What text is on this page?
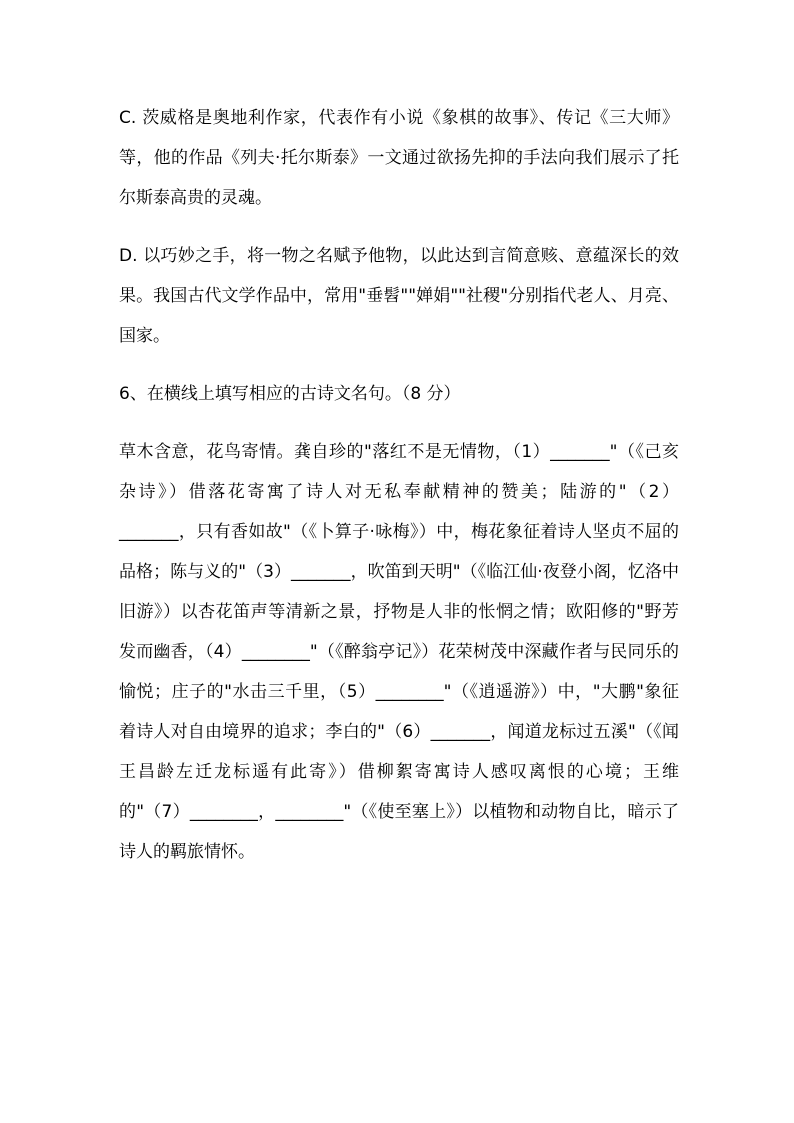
C. 茨威格是奥地利作家，代表作有小说《象棋的故事》、传记《三大师》等，他的作品《列夫·托尔斯泰》一文通过欲扬先抑的手法向我们展示了托尔斯泰高贵的灵魂。

D. 以巧妙之手，将一物之名赋予他物，以此达到言简意赅、意蕴深长的效果。我国古代文学作品中，常用"垂髫""婵娟""社稷"分别指代老人、月亮、国家。

6、在横线上填写相应的古诗文名句。（8 分）

草木含意，花鸟寄情。龚自珍的"落红不是无情物，（1）_______"（《己亥杂诗》）借落花寄寓了诗人对无私奉献精神的赞美；陆游的"（2）_______，只有香如故"（《卜算子·咏梅》）中，梅花象征着诗人坚贞不屈的品格；陈与义的"（3）_______，吹笛到天明"（《临江仙·夜登小阁，忆洛中旧游》）以杏花笛声等清新之景，抒物是人非的怅惘之情；欧阳修的"野芳发而幽香，（4）________"（《醉翁亭记》）花荣树茂中深藏作者与民同乐的愉悦；庄子的"水击三千里，（5）________"（《逍遥游》）中，"大鹏"象征着诗人对自由境界的追求；李白的"（6）_______，闻道龙标过五溪"（《闻王昌龄左迁龙标遥有此寄》）借柳絮寄寓诗人感叹离恨的心境；王维的"（7）________，________"（《使至塞上》）以植物和动物自比，暗示了诗人的羁旅情怀。
